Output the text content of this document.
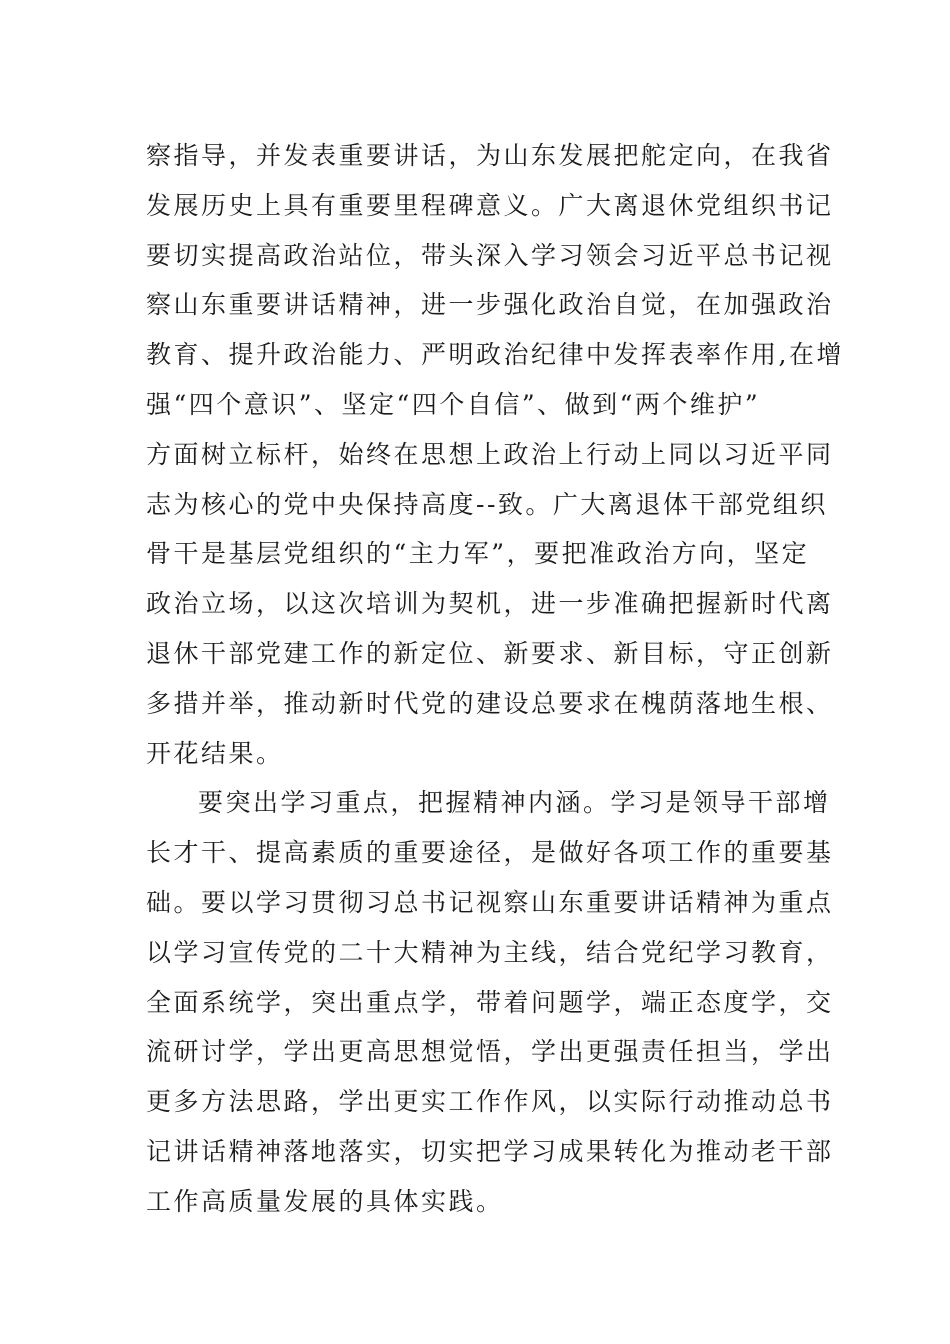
察指导，并发表重要讲话，为山东发展把舵定向，在我省
发展历史上具有重要里程碑意义。广大离退休党组织书记
要切实提高政治站位，带头深入学习领会习近平总书记视
察山东重要讲话精神，进一步强化政治自觉，在加强政治
教育、提升政治能力、严明政治纪律中发挥表率作用,在增
强“四个意识”、坚定“四个自信”、做到“两个维护”
方面树立标杆，始终在思想上政治上行动上同以习近平同
志为核心的党中央保持高度--致。广大离退体干部党组织
骨干是基层党组织的“主力军”，要把准政治方向，坚定
政治立场，以这次培训为契机，进一步准确把握新时代离
退休干部党建工作的新定位、新要求、新目标，守正创新
多措并举，推动新时代党的建设总要求在槐荫落地生根、
开花结果。
要突出学习重点，把握精神内涵。学习是领导干部增
长才干、提高素质的重要途径，是做好各项工作的重要基
础。要以学习贯彻习总书记视察山东重要讲话精神为重点
以学习宣传党的二十大精神为主线，结合党纪学习教育，
全面系统学，突出重点学，带着问题学，端正态度学，交
流研讨学，学出更高思想觉悟，学出更强责任担当，学出
更多方法思路，学出更实工作作风，以实际行动推动总书
记讲话精神落地落实，切实把学习成果转化为推动老干部
工作高质量发展的具体实践。
